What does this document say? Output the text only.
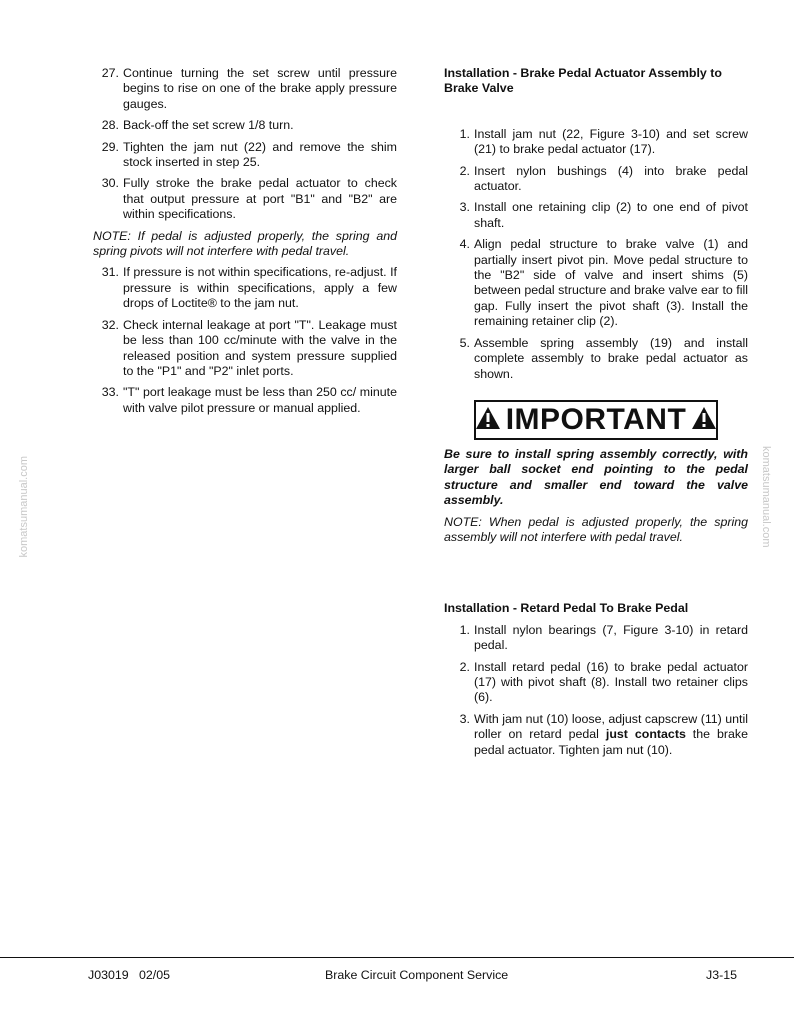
komatsumanual.com	komatsumanual.com
27. Continue turning the set screw until pressure begins to rise on one of the brake apply pressure gauges.
28. Back-off the set screw 1/8 turn.
29. Tighten the jam nut (22) and remove the shim stock inserted in step 25.
30. Fully stroke the brake pedal actuator to check that output pressure at port "B1" and "B2" are within specifications.
NOTE: If pedal is adjusted properly, the spring and spring pivots will not interfere with pedal travel.
31. If pressure is not within specifications, re-adjust. If pressure is within specifications, apply a few drops of Loctite® to the jam nut.
32. Check internal leakage at port "T". Leakage must be less than 100 cc/minute with the valve in the released position and system pressure supplied to the "P1" and "P2" inlet ports.
33. "T" port leakage must be less than 250 cc/ minute with valve pilot pressure or manual applied.
Installation - Brake Pedal Actuator Assembly to Brake Valve
1. Install jam nut (22, Figure 3-10) and set screw (21) to brake pedal actuator (17).
2. Insert nylon bushings (4) into brake pedal actuator.
3. Install one retaining clip (2) to one end of pivot shaft.
4. Align pedal structure to brake valve (1) and partially insert pivot pin. Move pedal structure to the "B2" side of valve and insert shims (5) between pedal structure and brake valve ear to fill gap. Fully insert the pivot shaft (3). Install the remaining retainer clip (2).
5. Assemble spring assembly (19) and install complete assembly to brake pedal actuator as shown.
IMPORTANT
Be sure to install spring assembly correctly, with larger ball socket end pointing to the pedal structure and smaller end toward the valve assembly.
NOTE: When pedal is adjusted properly, the spring assembly will not interfere with pedal travel.
Installation - Retard Pedal To Brake Pedal
1. Install nylon bearings (7, Figure 3-10) in retard pedal.
2. Install retard pedal (16) to brake pedal actuator (17) with pivot shaft (8). Install two retainer clips (6).
3. With jam nut (10) loose, adjust capscrew (11) until roller on retard pedal just contacts the brake pedal actuator. Tighten jam nut (10).
J03019 02/05	Brake Circuit Component Service	J3-15
